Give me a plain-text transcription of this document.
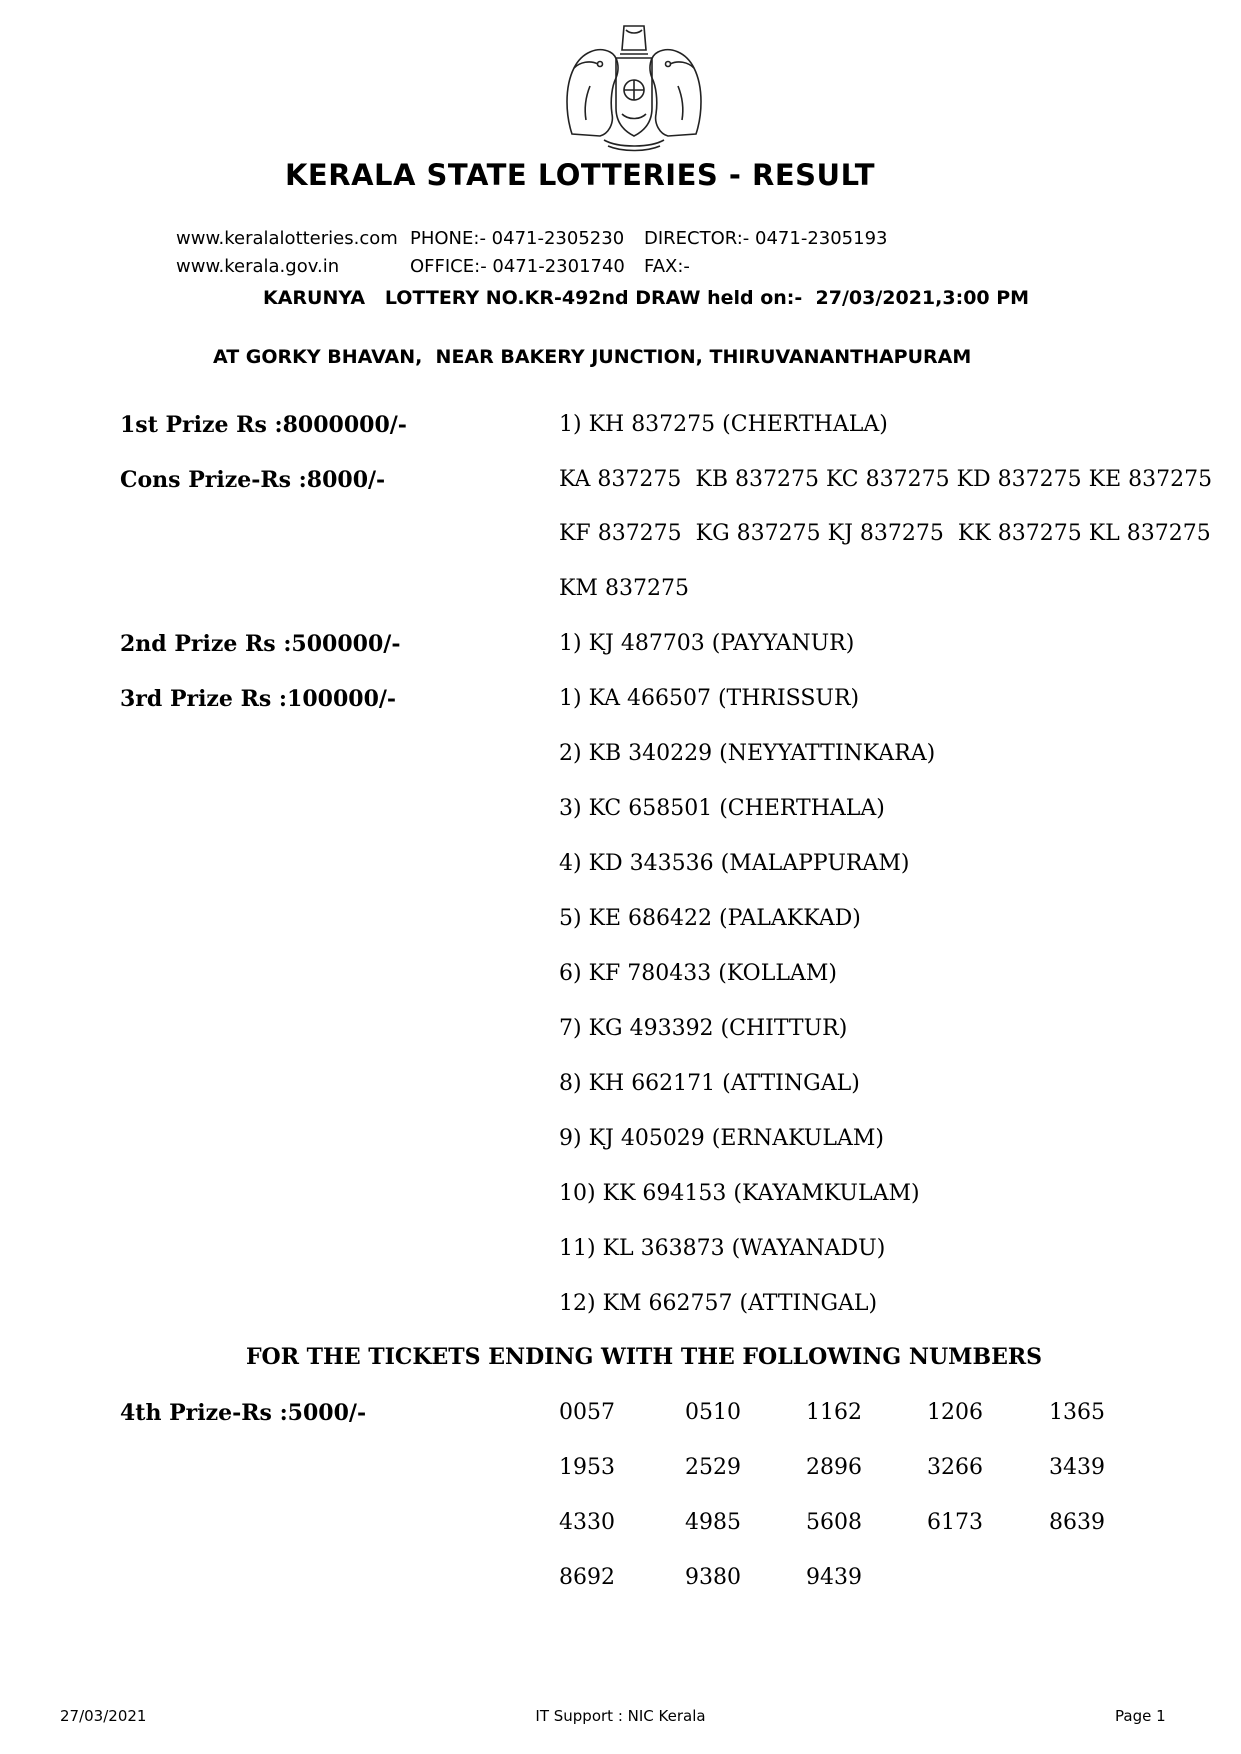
KERALA STATE LOTTERIES - RESULT
www.keralalotteries.com PHONE:- 0471-2305230 DIRECTOR:- 0471-2305193
www.kerala.gov.in	OFFICE:- 0471-2301740 FAX:-
KARUNYA   LOTTERY NO.KR-492nd DRAW held on:-  27/03/2021,3:00 PM
AT GORKY BHAVAN,  NEAR BAKERY JUNCTION, THIRUVANANTHAPURAM
1st Prize Rs :8000000/-	1) KH 837275 (CHERTHALA)
Cons Prize-Rs :8000/-	KA 837275  KB 837275 KC 837275 KD 837275 KE 837275
KF 837275  KG 837275 KJ 837275  KK 837275 KL 837275
KM 837275
2nd Prize Rs :500000/-	1) KJ 487703 (PAYYANUR)
3rd Prize Rs :100000/-	1) KA 466507 (THRISSUR)
2) KB 340229 (NEYYATTINKARA)
3) KC 658501 (CHERTHALA)
4) KD 343536 (MALAPPURAM)
5) KE 686422 (PALAKKAD)
6) KF 780433 (KOLLAM)
7) KG 493392 (CHITTUR)
8) KH 662171 (ATTINGAL)
9) KJ 405029 (ERNAKULAM)
10) KK 694153 (KAYAMKULAM)
11) KL 363873 (WAYANADU)
12) KM 662757 (ATTINGAL)
FOR THE TICKETS ENDING WITH THE FOLLOWING NUMBERS
4th Prize-Rs :5000/-	0057	0510	1162	1206	1365
1953	2529	2896	3266	3439
4330	4985	5608	6173	8639
8692	9380	9439
27/03/2021	IT Support : NIC Kerala	Page 1
